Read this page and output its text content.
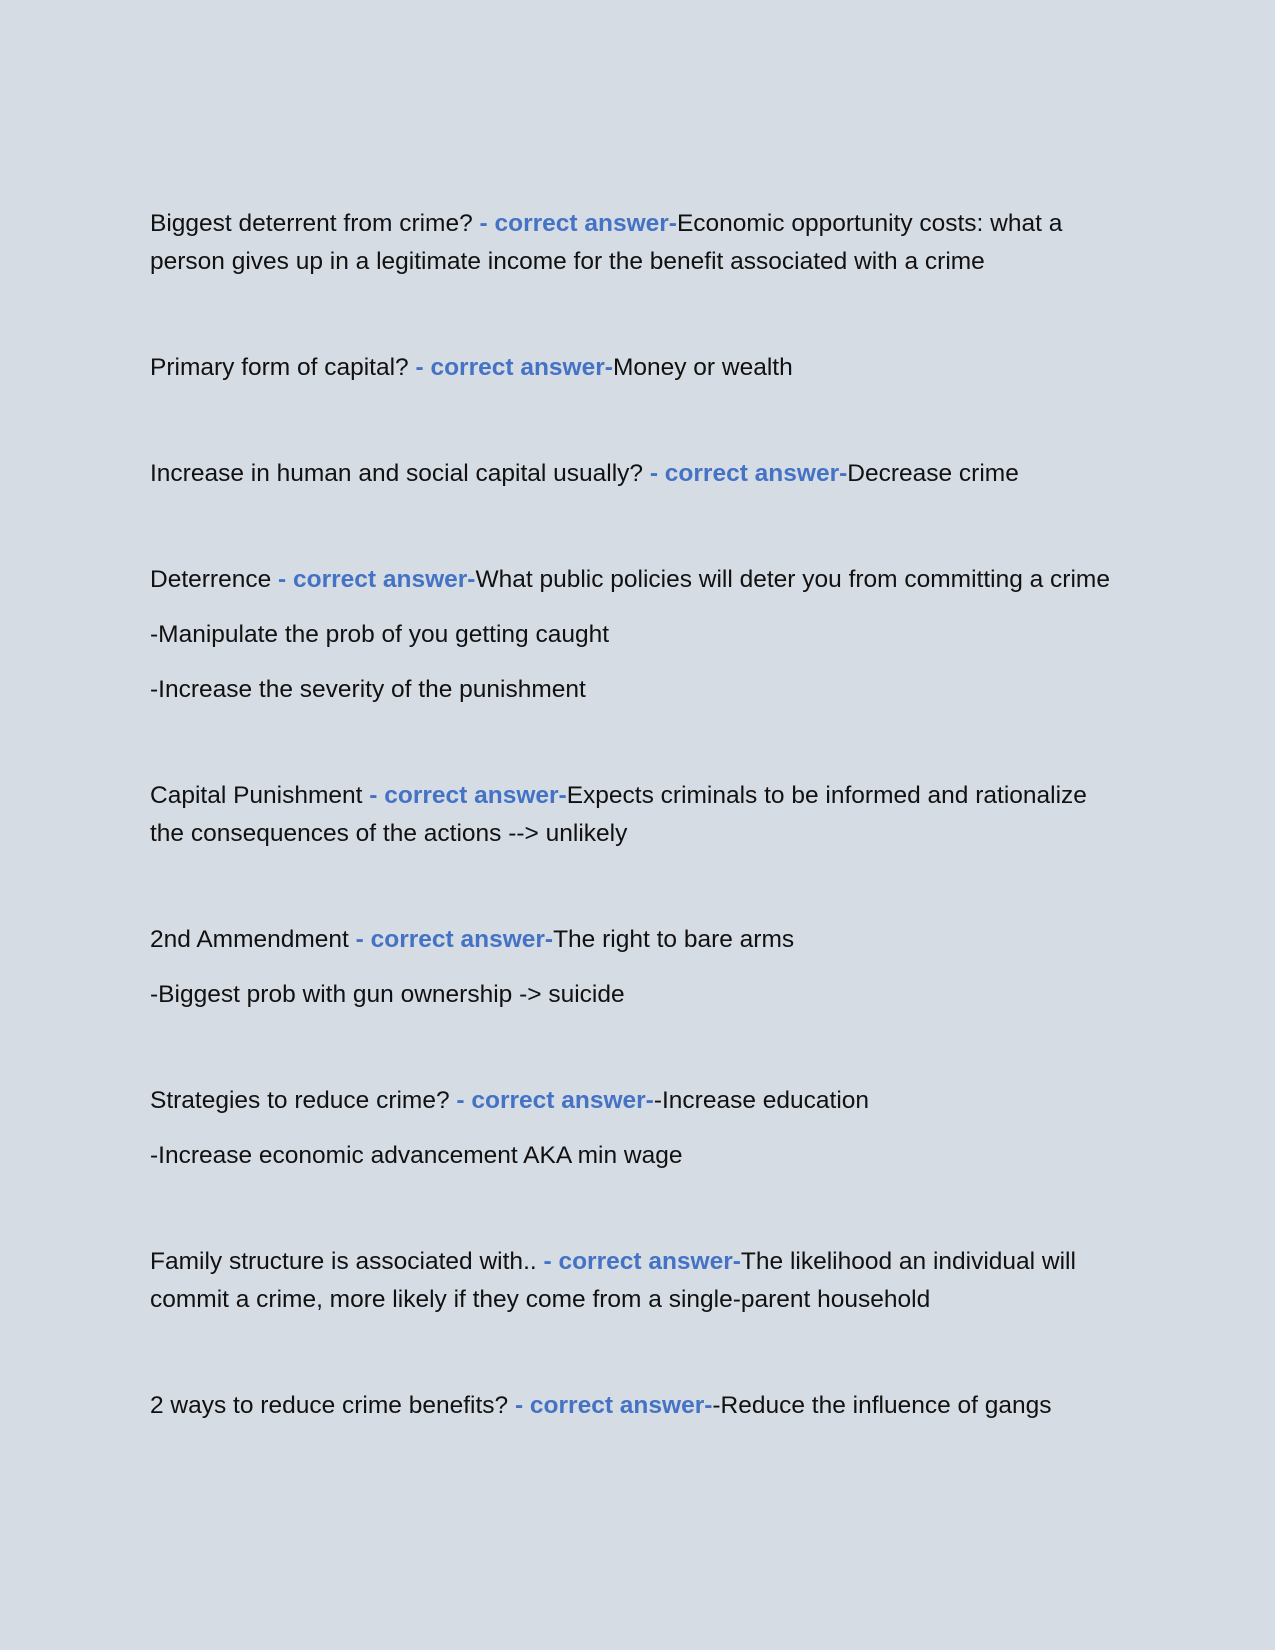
Biggest deterrent from crime? - correct answer-Economic opportunity costs: what a person gives up in a legitimate income for the benefit associated with a crime

Primary form of capital? - correct answer-Money or wealth

Increase in human and social capital usually? - correct answer-Decrease crime

Deterrence - correct answer-What public policies will deter you from committing a crime

-Manipulate the prob of you getting caught

-Increase the severity of the punishment

Capital Punishment - correct answer-Expects criminals to be informed and rationalize the consequences of the actions --> unlikely

2nd Ammendment - correct answer-The right to bare arms

-Biggest prob with gun ownership -> suicide

Strategies to reduce crime? - correct answer--Increase education

-Increase economic advancement AKA min wage

Family structure is associated with.. - correct answer-The likelihood an individual will commit a crime, more likely if they come from a single-parent household

2 ways to reduce crime benefits? - correct answer--Reduce the influence of gangs
